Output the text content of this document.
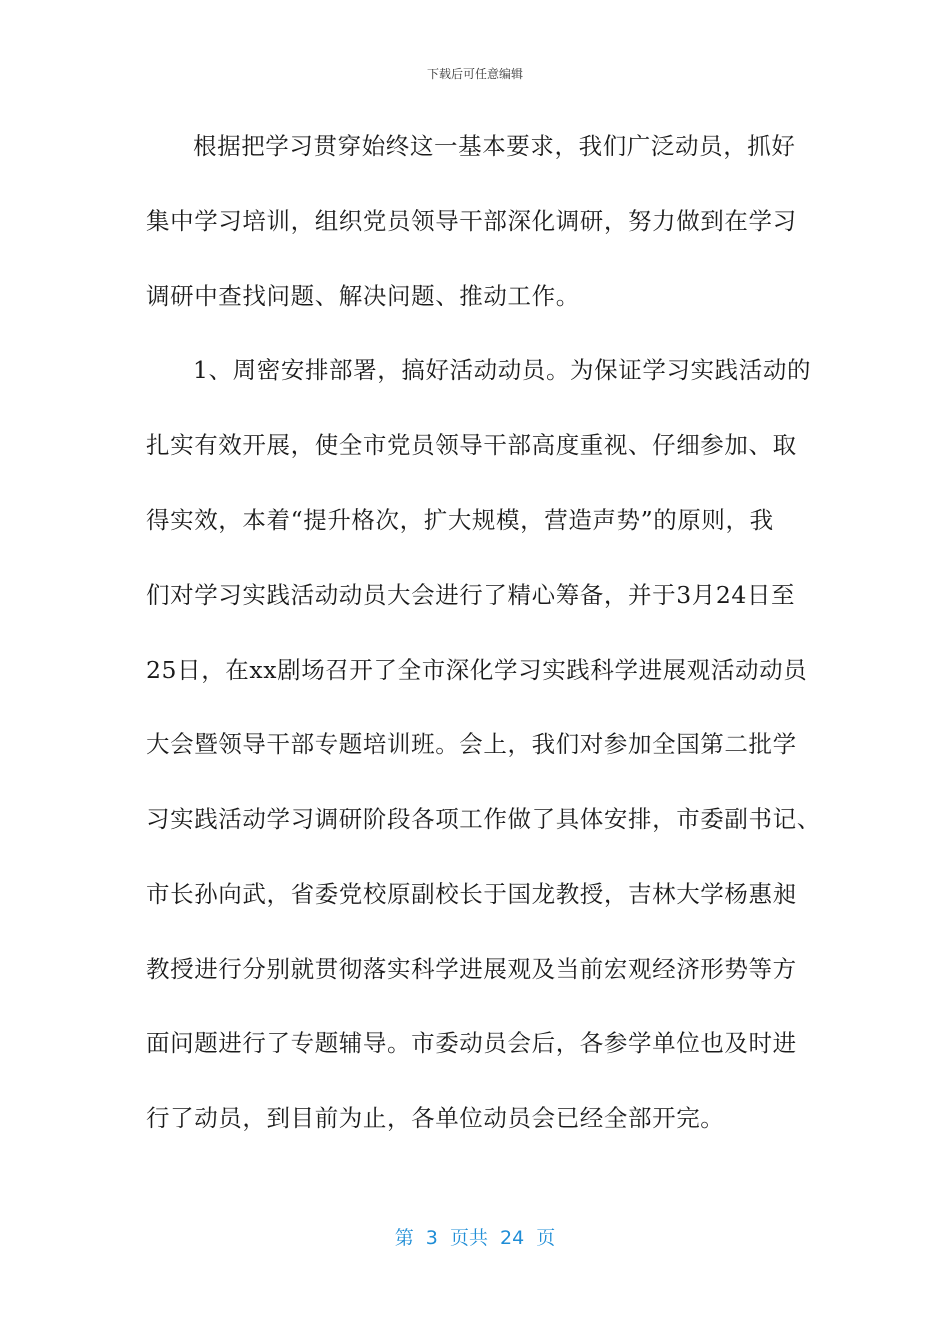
下载后可任意编辑
根据把学习贯穿始终这一基本要求，我们广泛动员，抓好
集中学习培训，组织党员领导干部深化调研，努力做到在学习
调研中查找问题、解决问题、推动工作。
1、周密安排部署，搞好活动动员。为保证学习实践活动的
扎实有效开展，使全市党员领导干部高度重视、仔细参加、取
得实效，本着“提升格次，扩大规模，营造声势”的原则，我
们对学习实践活动动员大会进行了精心筹备，并于3月24日至
25日，在xx剧场召开了全市深化学习实践科学进展观活动动员
大会暨领导干部专题培训班。会上，我们对参加全国第二批学
习实践活动学习调研阶段各项工作做了具体安排，市委副书记、
市长孙向武，省委党校原副校长于国龙教授，吉林大学杨惠昶
教授进行分别就贯彻落实科学进展观及当前宏观经济形势等方
面问题进行了专题辅导。市委动员会后，各参学单位也及时进
行了动员，到目前为止，各单位动员会已经全部开完。
第  3  页共  24  页
